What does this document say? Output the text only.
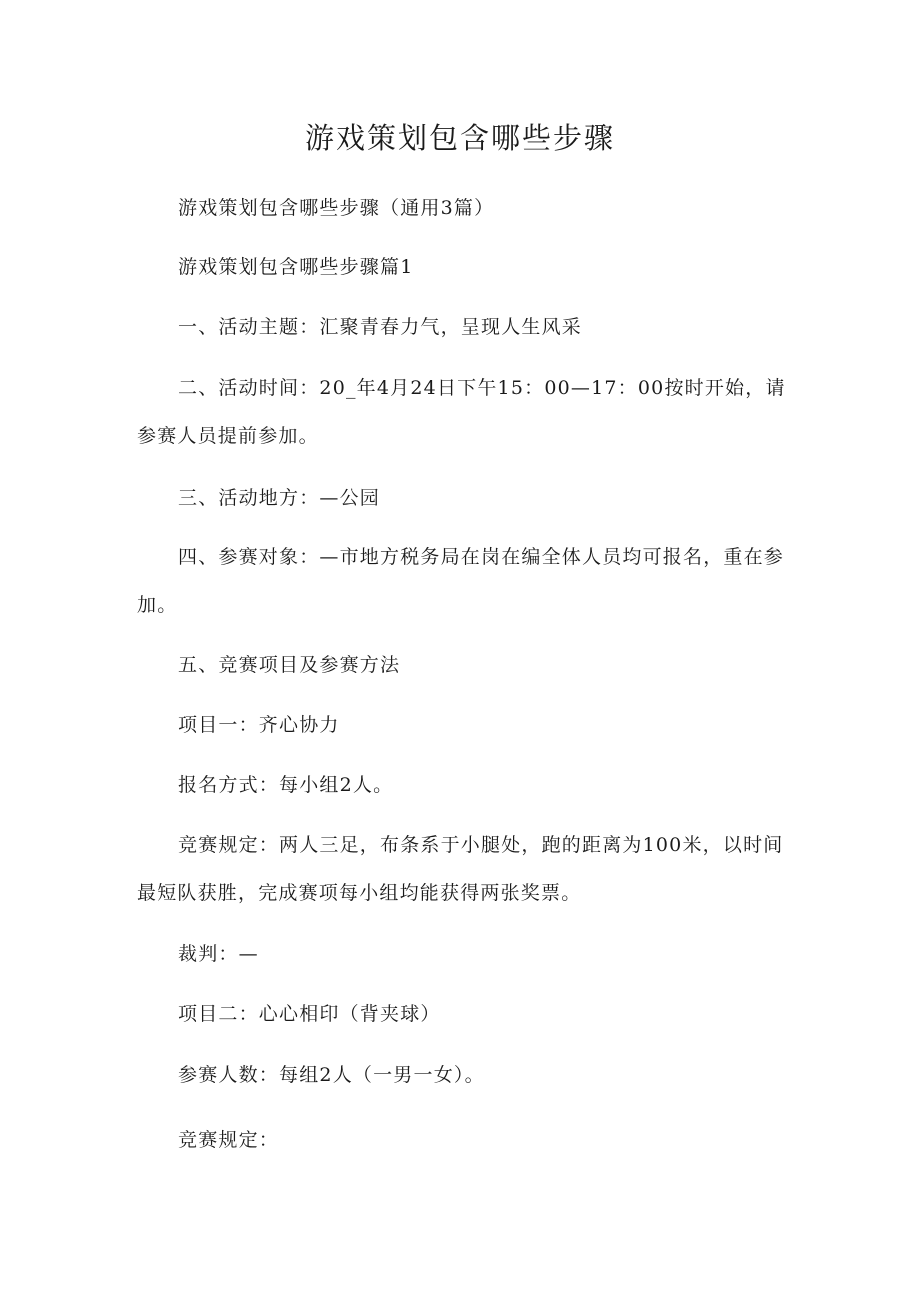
游戏策划包含哪些步骤

游戏策划包含哪些步骤（通用3篇）

游戏策划包含哪些步骤篇1

一、活动主题：汇聚青春力气，呈现人生风采

二、活动时间：20_年4月24日下午15：00—17：00按时开始，请参赛人员提前参加。

三、活动地方：—公园

四、参赛对象：—市地方税务局在岗在编全体人员均可报名，重在参加。

五、竞赛项目及参赛方法

项目一：齐心协力

报名方式：每小组2人。

竞赛规定：两人三足，布条系于小腿处，跑的距离为100米，以时间最短队获胜，完成赛项每小组均能获得两张奖票。

裁判：—

项目二：心心相印（背夹球）

参赛人数：每组2人（一男一女）。

竞赛规定：
